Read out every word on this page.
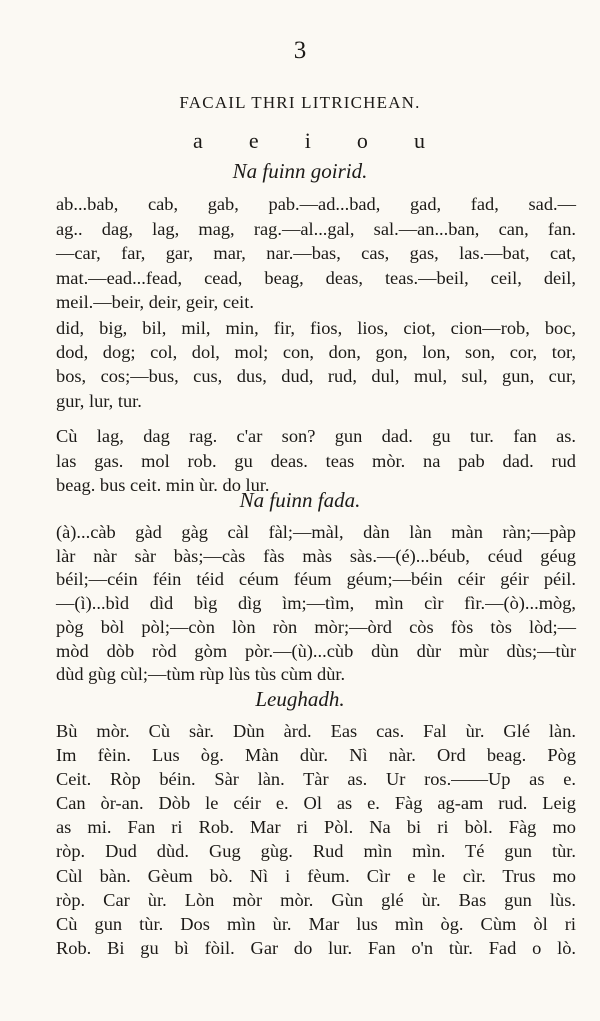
3
FACAIL THRI LITRICHEAN.
a e i o u
Na fuinn goirid.
ab...bab, cab, gab, pab.—ad...bad, gad, fad, sad.—
ag.. dag, lag, mag, rag.—al...gal, sal.—an...ban, can, fan.
—car, far, gar, mar, nar.—bas, cas, gas, las.—bat, cat,
mat.—ead...fead, cead, beag, deas, teas.—beil, ceil, deil,
meil.—beir, deir, geir, ceit.
did, big, bil, mil, min, fir, fios, lios, ciot, cion—rob, boc,
dod, dog; col, dol, mol; con, don, gon, lon, son, cor, tor,
bos, cos;—bus, cus, dus, dud, rud, dul, mul, sul, gun, cur,
gur, lur, tur.
Cù lag, dag rag. c'ar son? gun dad. gu tur. fan as.
las gas. mol rob. gu deas. teas mòr. na pab dad. rud
beag. bus ceit. min ùr. do lur.
Na fuinn fada.
(à)...càb gàd gàg càl fàl;—màl, dàn làn màn ràn;—pàp
làr nàr sàr bàs;—càs fàs màs sàs.—(é)...béub, céud géug
béil;—céin féin téid céum féum géum;—béin céir géir péil.
—(ì)...bìd dìd bìg dìg ìm;—tìm, mìn cìr fìr.—(ò)...mòg,
pòg bòl pòl;—còn lòn ròn mòr;—òrd còs fòs tòs lòd;—
mòd dòb ròd gòm pòr.—(ù)...cùb dùn dùr mùr dùs;—tùr
dùd gùg cùl;—tùm rùp lùs tùs cùm dùr.
Leughadh.
Bù mòr. Cù sàr. Dùn àrd. Eas cas. Fal ùr. Glé làn.
Im fèin. Lus òg. Màn dùr. Nì nàr. Ord beag. Pòg
Ceit. Ròp béin. Sàr làn. Tàr as. Ur ros.——Up as e.
Can òr-an. Dòb le céir e. Ol as e. Fàg ag-am rud. Leig
as mi. Fan ri Rob. Mar ri Pòl. Na bi ri bòl. Fàg mo
ròp. Dud dùd. Gug gùg. Rud mìn mìn. Té gun tùr.
Cùl bàn. Gèum bò. Nì i fèum. Cìr e le cìr. Trus mo
ròp. Car ùr. Lòn mòr mòr. Gùn glé ùr. Bas gun lùs.
Cù gun tùr. Dos mìn ùr. Mar lus mìn òg. Cùm òl ri
Rob. Bi gu bì fòil. Gar do lur. Fan o'n tùr. Fad o lò.
